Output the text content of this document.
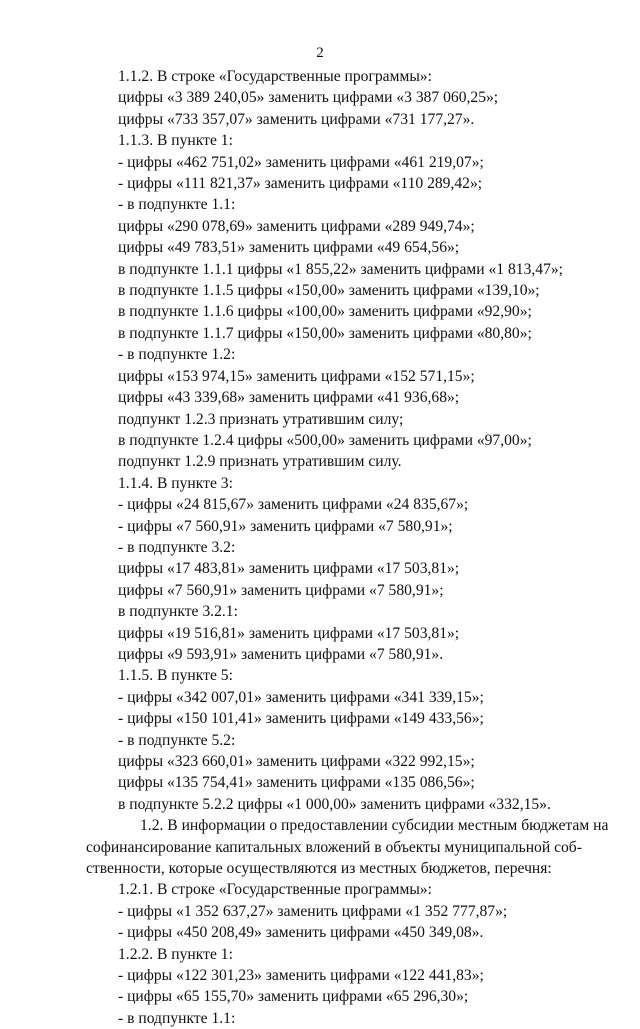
2
1.1.2. В строке «Государственные программы»:
цифры «3 389 240,05» заменить цифрами «3 387 060,25»;
цифры «733 357,07» заменить цифрами «731 177,27».
1.1.3. В пункте 1:
- цифры «462 751,02» заменить цифрами «461 219,07»;
- цифры «111 821,37» заменить цифрами «110 289,42»;
- в подпункте 1.1:
цифры «290 078,69» заменить цифрами «289 949,74»;
цифры «49 783,51» заменить цифрами «49 654,56»;
в подпункте 1.1.1 цифры «1 855,22» заменить цифрами «1 813,47»;
в подпункте 1.1.5 цифры «150,00» заменить цифрами «139,10»;
в подпункте 1.1.6 цифры «100,00» заменить цифрами «92,90»;
в подпункте 1.1.7 цифры «150,00» заменить цифрами «80,80»;
- в подпункте 1.2:
цифры «153 974,15» заменить цифрами «152 571,15»;
цифры «43 339,68» заменить цифрами «41 936,68»;
подпункт 1.2.3 признать утратившим силу;
в подпункте 1.2.4 цифры «500,00» заменить цифрами «97,00»;
подпункт 1.2.9 признать утратившим силу.
1.1.4. В пункте 3:
- цифры «24 815,67» заменить цифрами «24 835,67»;
- цифры «7 560,91» заменить цифрами «7 580,91»;
- в подпункте 3.2:
цифры «17 483,81» заменить цифрами «17 503,81»;
цифры «7 560,91» заменить цифрами «7 580,91»;
в подпункте 3.2.1:
цифры «19 516,81» заменить цифрами «17 503,81»;
цифры «9 593,91» заменить цифрами «7 580,91».
1.1.5. В пункте 5:
- цифры «342 007,01» заменить цифрами «341 339,15»;
- цифры «150 101,41» заменить цифрами «149 433,56»;
- в подпункте 5.2:
цифры «323 660,01» заменить цифрами «322 992,15»;
цифры «135 754,41» заменить цифрами «135 086,56»;
в подпункте 5.2.2 цифры «1 000,00» заменить цифрами «332,15».
1.2. В информации о предоставлении субсидии местным бюджетам на
софинансирование капитальных вложений в объекты муниципальной соб-
ственности, которые осуществляются из местных бюджетов, перечня:
1.2.1. В строке «Государственные программы»:
- цифры «1 352 637,27» заменить цифрами «1 352 777,87»;
- цифры «450 208,49» заменить цифрами «450 349,08».
1.2.2. В пункте 1:
- цифры «122 301,23» заменить цифрами «122 441,83»;
- цифры «65 155,70» заменить цифрами «65 296,30»;
- в подпункте 1.1:
